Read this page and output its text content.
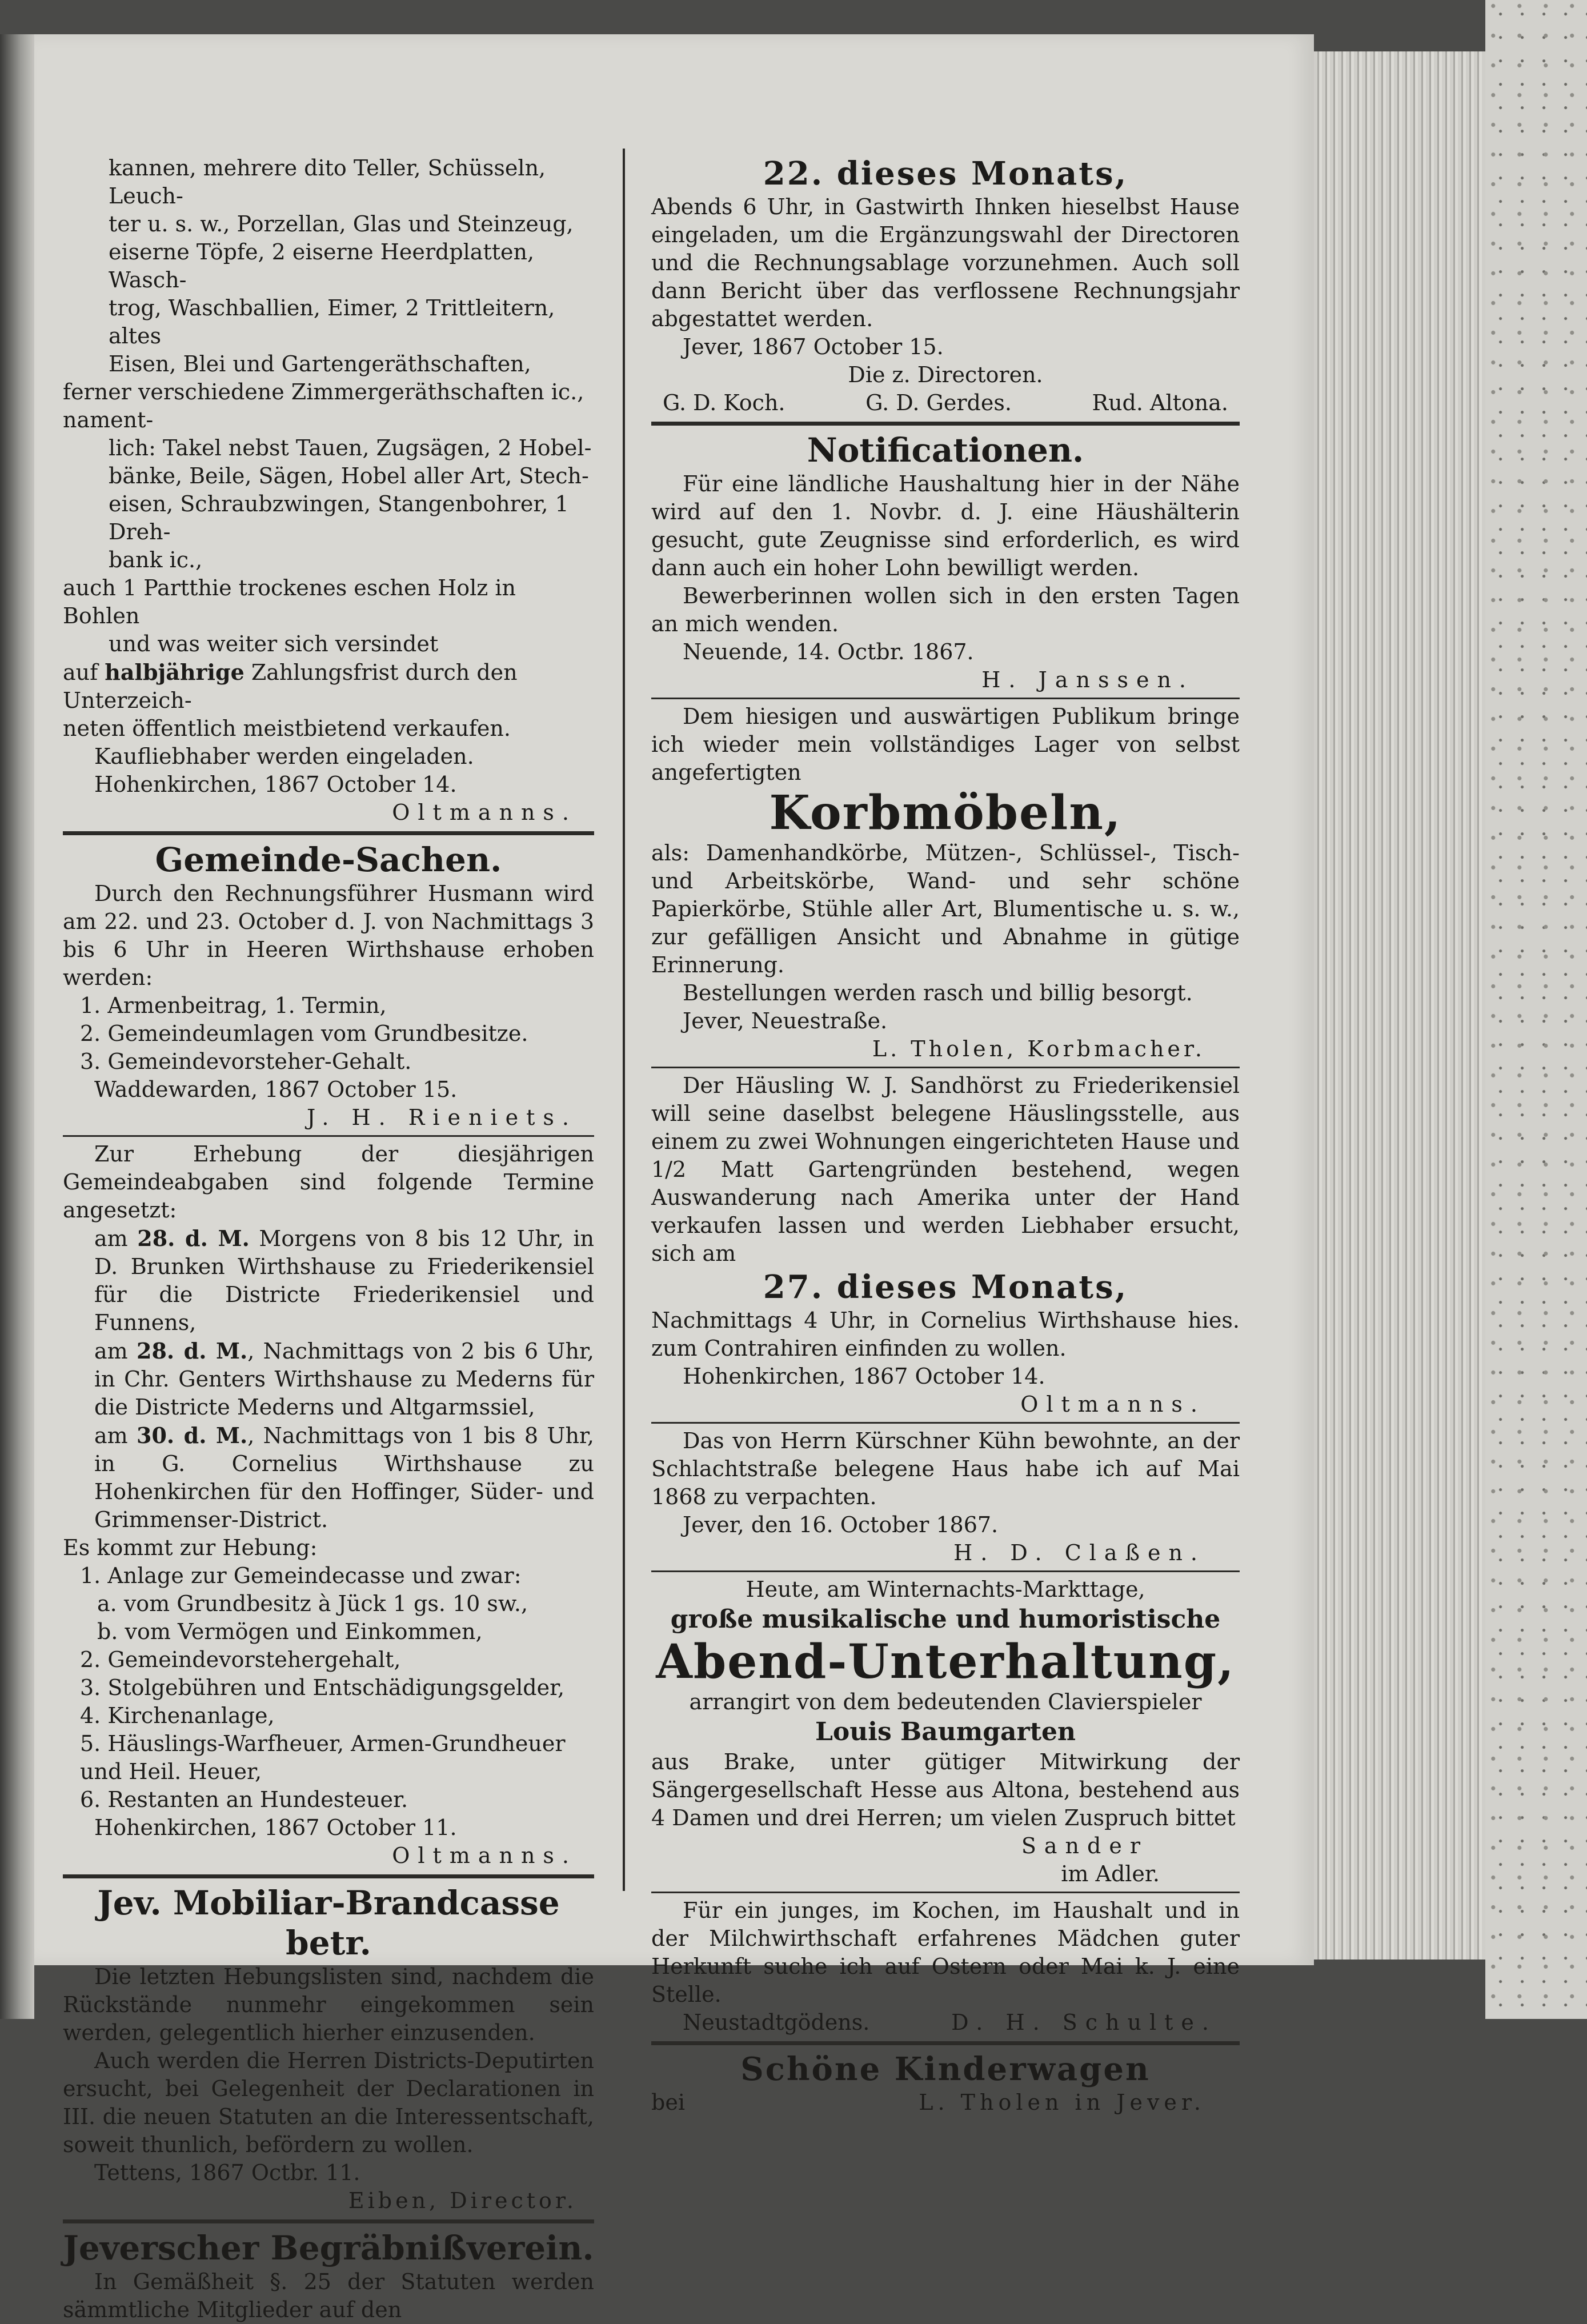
kannen, mehrere dito Teller, Schüsseln, Leuch-
ter u. s. w., Porzellan, Glas und Steinzeug,
eiserne Töpfe, 2 eiserne Heerdplatten, Wasch-
trog, Waschballien, Eimer, 2 Trittleitern, altes
Eisen, Blei und Gartengeräthschaften,
ferner verschiedene Zimmergeräthschaften ic., nament-
lich: Takel nebst Tauen, Zugsägen, 2 Hobel-
bänke, Beile, Sägen, Hobel aller Art, Stech-
eisen, Schraubzwingen, Stangenbohrer, 1 Dreh-
bank ic.,
auch 1 Partthie trockenes eschen Holz in Bohlen
und was weiter sich versindet
auf halbjährige Zahlungsfrist durch den Unterzeich-
neten öffentlich meistbietend verkaufen.
Kaufliebhaber werden eingeladen.
Hohenkirchen, 1867 October 14.
Oltmanns.
Gemeinde-Sachen.
Durch den Rechnungsführer Husmann wird am 22. und 23. October d. J. von Nachmittags 3 bis 6 Uhr in Heeren Wirthshause erhoben werden:
1. Armenbeitrag, 1. Termin,
2. Gemeindeumlagen vom Grundbesitze.
3. Gemeindevorsteher-Gehalt.
Waddewarden, 1867 October 15.
J. H. Rieniets.
Zur Erhebung der diesjährigen Gemeindeabgaben sind folgende Termine angesetzt:
am 28. d. M. Morgens von 8 bis 12 Uhr, in D. Brunken Wirthshause zu Friederikensiel für die Districte Friederikensiel und Funnens,
am 28. d. M., Nachmittags von 2 bis 6 Uhr, in Chr. Genters Wirthshause zu Mederns für die Districte Mederns und Altgarmssiel,
am 30. d. M., Nachmittags von 1 bis 8 Uhr, in G. Cornelius Wirthshause zu Hohenkirchen für den Hoffinger, Süder- und Grimmenser-District.
Es kommt zur Hebung:
1. Anlage zur Gemeindecasse und zwar:
a. vom Grundbesitz à Jück 1 gs. 10 sw.,
b. vom Vermögen und Einkommen,
2. Gemeindevorstehergehalt,
3. Stolgebühren und Entschädigungsgelder,
4. Kirchenanlage,
5. Häuslings-Warfheuer, Armen-Grundheuer und Heil. Heuer,
6. Restanten an Hundesteuer.
Hohenkirchen, 1867 October 11.
Oltmanns.
Jev. Mobiliar-Brandcasse betr.
Die letzten Hebungslisten sind, nachdem die Rückstände nunmehr eingekommen sein werden, gelegentlich hierher einzusenden.
Auch werden die Herren Districts-Deputirten ersucht, bei Gelegenheit der Declarationen in III. die neuen Statuten an die Interessentschaft, soweit thunlich, befördern zu wollen.
Tettens, 1867 Octbr. 11.
Eiben, Director.
Jeverscher Begräbnißverein.
In Gemäßheit §. 25 der Statuten werden sämmtliche Mitglieder auf den
22. dieses Monats,
Abends 6 Uhr, in Gastwirth Ihnken hieselbst Hause eingeladen, um die Ergänzungswahl der Directoren und die Rechnungsablage vorzunehmen. Auch soll dann Bericht über das verflossene Rechnungsjahr abgestattet werden.
Jever, 1867 October 15.
Die z. Directoren.
G. D. Koch.	G. D. Gerdes.	Rud. Altona.
Notificationen.
Für eine ländliche Haushaltung hier in der Nähe wird auf den 1. Novbr. d. J. eine Häushälterin gesucht, gute Zeugnisse sind erforderlich, es wird dann auch ein hoher Lohn bewilligt werden.
Bewerberinnen wollen sich in den ersten Tagen an mich wenden.
Neuende, 14. Octbr. 1867.
H. Janssen.
Dem hiesigen und auswärtigen Publikum bringe ich wieder mein vollständiges Lager von selbst angefertigten
Korbmöbeln,
als: Damenhandkörbe, Mützen-, Schlüssel-, Tisch- und Arbeitskörbe, Wand- und sehr schöne Papierkörbe, Stühle aller Art, Blumentische u. s. w., zur gefälligen Ansicht und Abnahme in gütige Erinnerung.
Bestellungen werden rasch und billig besorgt.
Jever, Neuestraße.
L. Tholen, Korbmacher.
Der Häusling W. J. Sandhörst zu Friederikensiel will seine daselbst belegene Häuslingsstelle, aus einem zu zwei Wohnungen eingerichteten Hause und 1/2 Matt Gartengründen bestehend, wegen Auswanderung nach Amerika unter der Hand verkaufen lassen und werden Liebhaber ersucht, sich am
27. dieses Monats,
Nachmittags 4 Uhr, in Cornelius Wirthshause hies. zum Contrahiren einfinden zu wollen.
Hohenkirchen, 1867 October 14.
Oltmanns.
Das von Herrn Kürschner Kühn bewohnte, an der Schlachtstraße belegene Haus habe ich auf Mai 1868 zu verpachten.
Jever, den 16. October 1867.
H. D. Claßen.
Heute, am Winternachts-Markttage,
große musikalische und humoristische
Abend-Unterhaltung,
arrangirt von dem bedeutenden Clavierspieler
Louis Baumgarten
aus Brake, unter gütiger Mitwirkung der Sängergesellschaft Hesse aus Altona, bestehend aus 4 Damen und drei Herren; um vielen Zuspruch bittet
Sander
im Adler.
Für ein junges, im Kochen, im Haushalt und in der Milchwirthschaft erfahrenes Mädchen guter Herkunft suche ich auf Ostern oder Mai k. J. eine Stelle.
Neustadtgödens.	D. H. Schulte.
Schöne Kinderwagen
bei	L. Tholen in Jever.
